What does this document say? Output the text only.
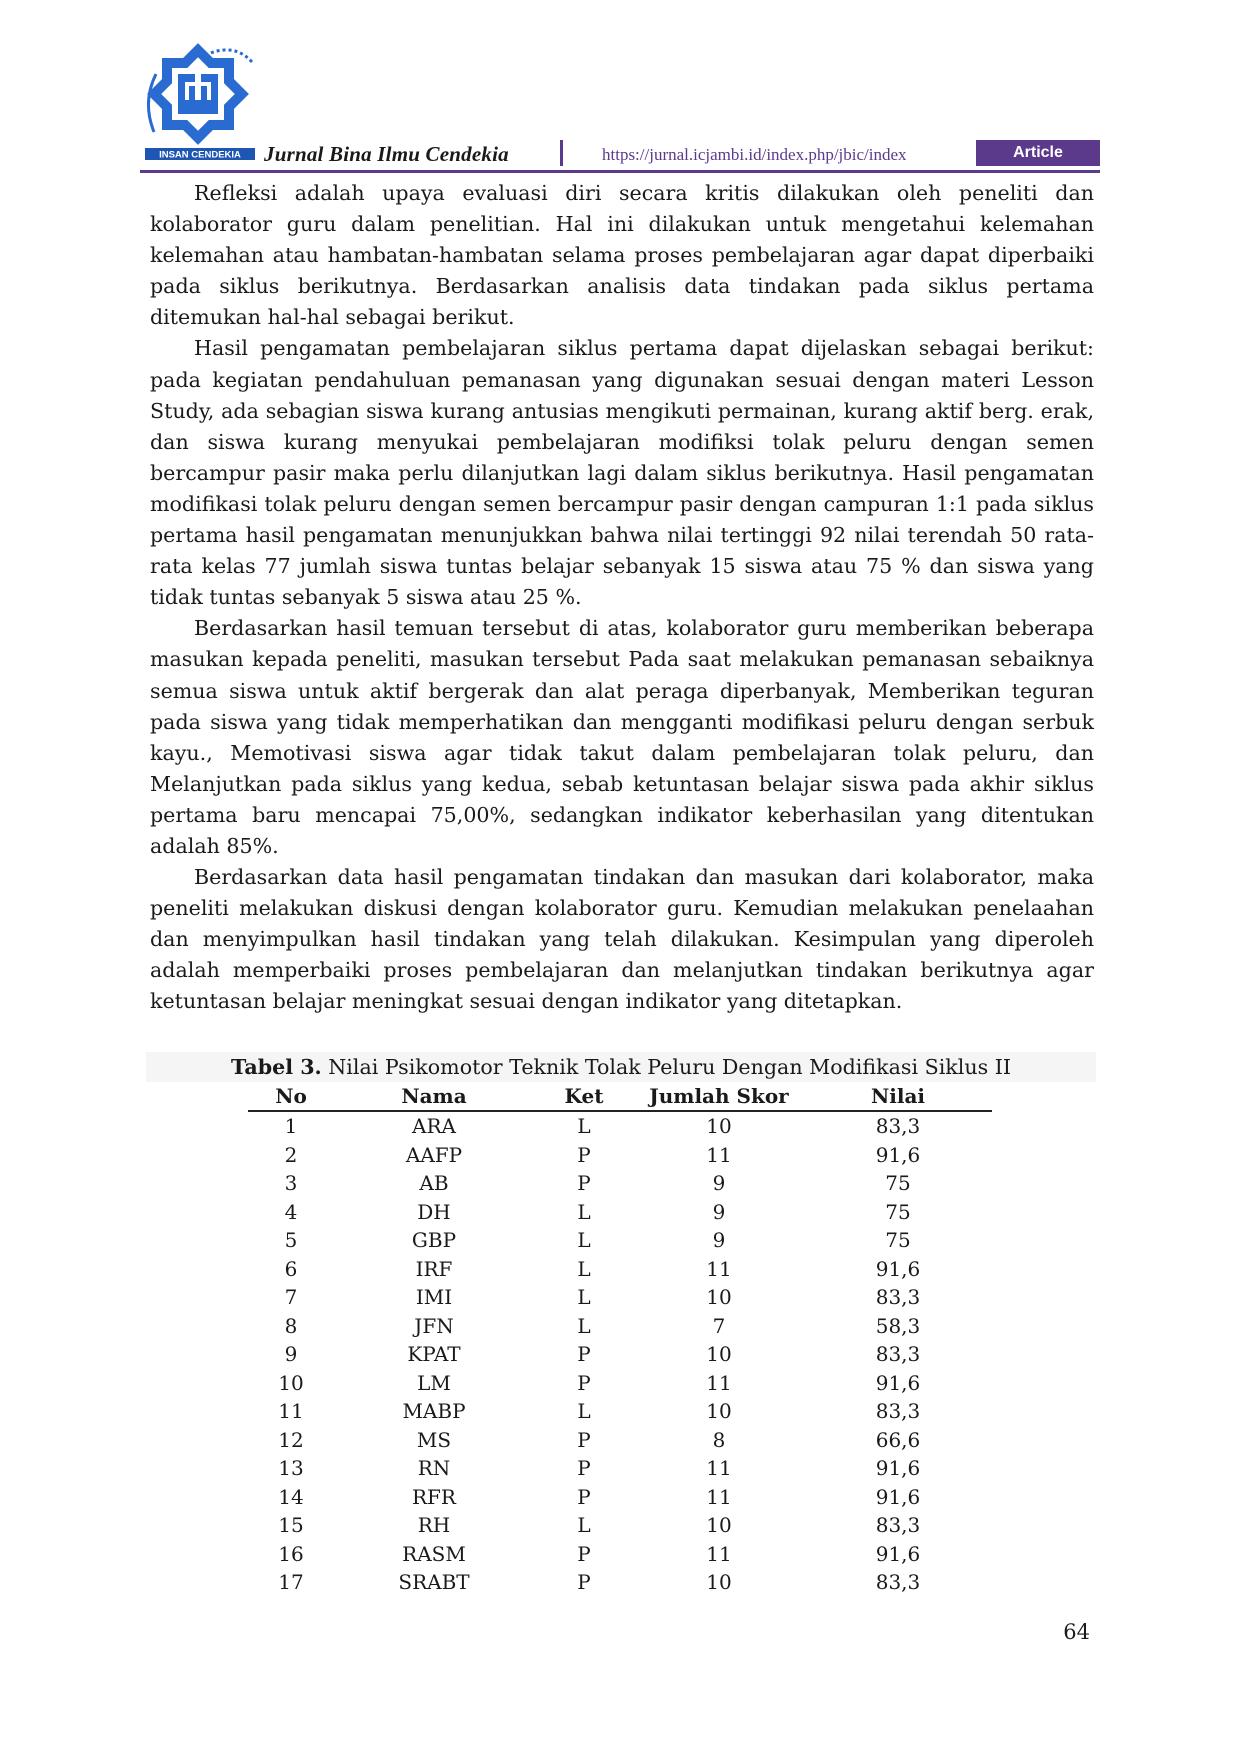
INSAN CENDEKIA Jurnal Bina Ilmu Cendekia	https://jurnal.icjambi.id/index.php/jbic/index	Article

Refleksi adalah upaya evaluasi diri secara kritis dilakukan oleh peneliti dan kolaborator guru dalam penelitian. Hal ini dilakukan untuk mengetahui kelemahan kelemahan atau hambatan-hambatan selama proses pembelajaran agar dapat diperbaiki pada siklus berikutnya. Berdasarkan analisis data tindakan pada siklus pertama ditemukan hal-hal sebagai berikut.

Hasil pengamatan pembelajaran siklus pertama dapat dijelaskan sebagai berikut: pada kegiatan pendahuluan pemanasan yang digunakan sesuai dengan materi Lesson Study, ada sebagian siswa kurang antusias mengikuti permainan, kurang aktif berg. erak, dan siswa kurang menyukai pembelajaran modifiksi tolak peluru dengan semen bercampur pasir maka perlu dilanjutkan lagi dalam siklus berikutnya. Hasil pengamatan modifikasi tolak peluru dengan semen bercampur pasir dengan campuran 1:1 pada siklus pertama hasil pengamatan menunjukkan bahwa nilai tertinggi 92 nilai terendah 50 rata-rata kelas 77 jumlah siswa tuntas belajar sebanyak 15 siswa atau 75 % dan siswa yang tidak tuntas sebanyak 5 siswa atau 25 %.

Berdasarkan hasil temuan tersebut di atas, kolaborator guru memberikan beberapa masukan kepada peneliti, masukan tersebut Pada saat melakukan pemanasan sebaiknya semua siswa untuk aktif bergerak dan alat peraga diperbanyak, Memberikan teguran pada siswa yang tidak memperhatikan dan mengganti modifikasi peluru dengan serbuk kayu., Memotivasi siswa agar tidak takut dalam pembelajaran tolak peluru, dan Melanjutkan pada siklus yang kedua, sebab ketuntasan belajar siswa pada akhir siklus pertama baru mencapai 75,00%, sedangkan indikator keberhasilan yang ditentukan adalah 85%.

Berdasarkan data hasil pengamatan tindakan dan masukan dari kolaborator, maka peneliti melakukan diskusi dengan kolaborator guru. Kemudian melakukan penelaahan dan menyimpulkan hasil tindakan yang telah dilakukan. Kesimpulan yang diperoleh adalah memperbaiki proses pembelajaran dan melanjutkan tindakan berikutnya agar ketuntasan belajar meningkat sesuai dengan indikator yang ditetapkan.

Tabel 3. Nilai Psikomotor Teknik Tolak Peluru Dengan Modifikasi Siklus II
No	Nama	Ket	Jumlah Skor	Nilai
1	ARA	L	10	83,3
2	AAFP	P	11	91,6
3	AB	P	9	75
4	DH	L	9	75
5	GBP	L	9	75
6	IRF	L	11	91,6
7	IMI	L	10	83,3
8	JFN	L	7	58,3
9	KPAT	P	10	83,3
10	LM	P	11	91,6
11	MABP	L	10	83,3
12	MS	P	8	66,6
13	RN	P	11	91,6
14	RFR	P	11	91,6
15	RH	L	10	83,3
16	RASM	P	11	91,6
17	SRABT	P	10	83,3
64
